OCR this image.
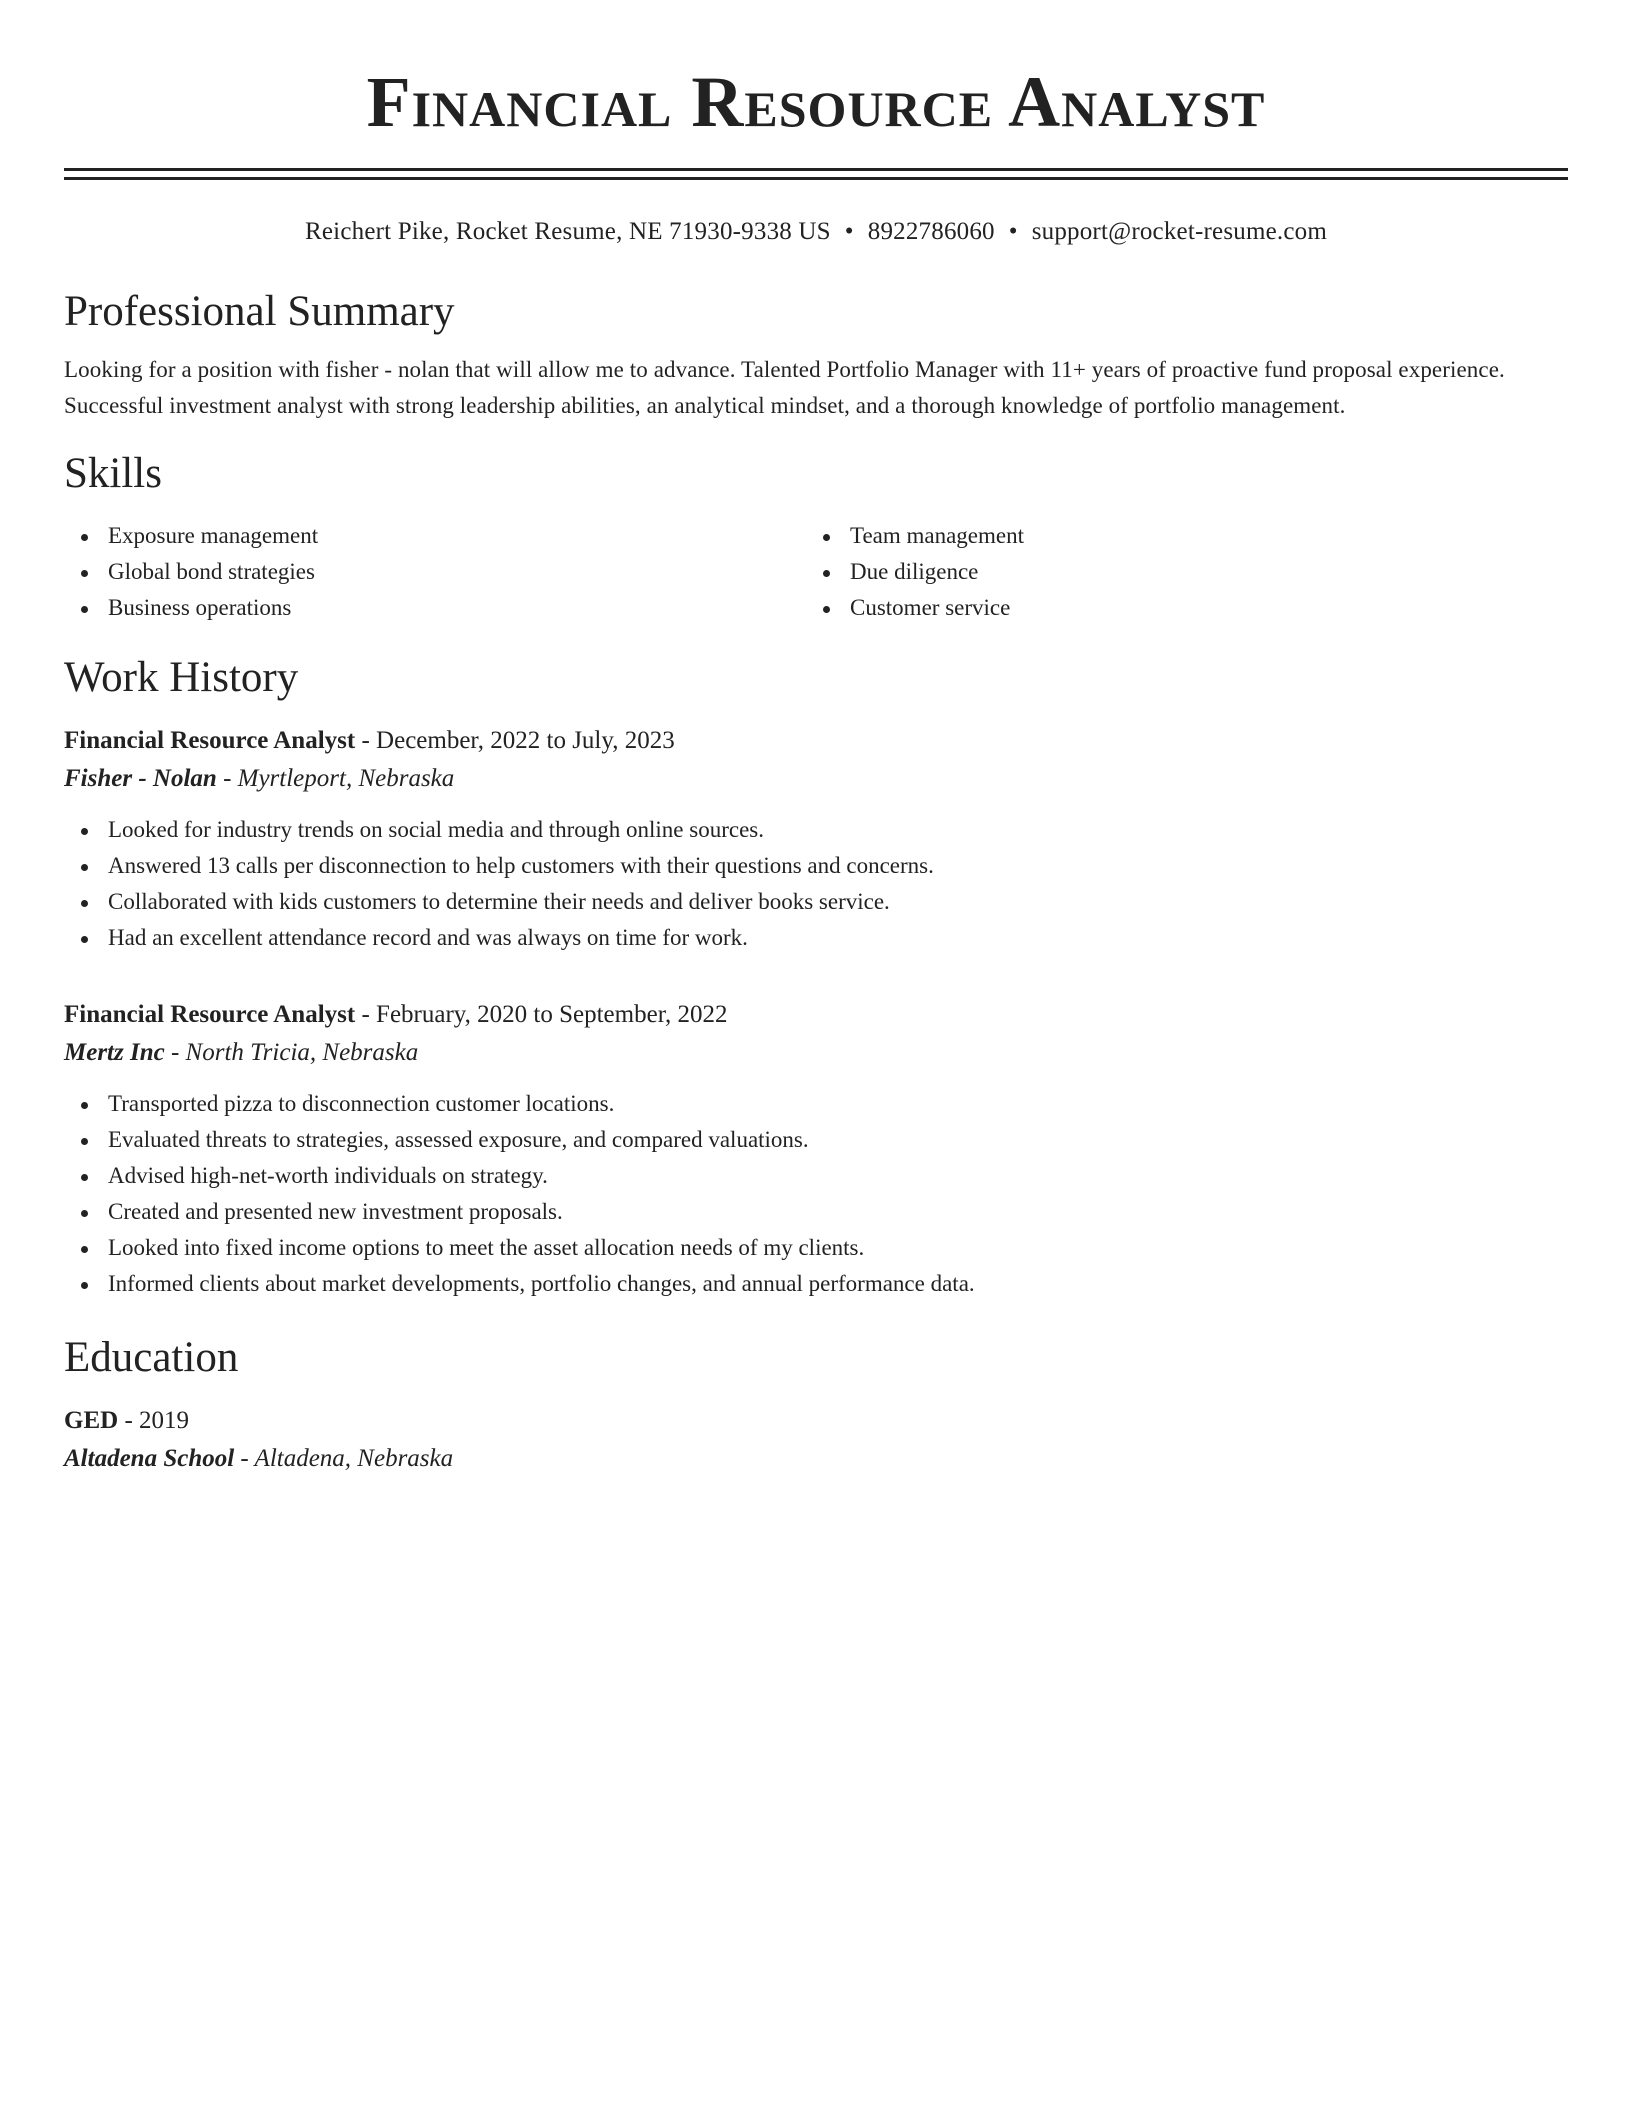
Financial Resource Analyst
Reichert Pike, Rocket Resume, NE 71930-9338 US • 8922786060 • support@rocket-resume.com
Professional Summary
Looking for a position with fisher - nolan that will allow me to advance. Talented Portfolio Manager with 11+ years of proactive fund proposal experience. Successful investment analyst with strong leadership abilities, an analytical mindset, and a thorough knowledge of portfolio management.
Skills
Exposure management
Global bond strategies
Business operations
Team management
Due diligence
Customer service
Work History
Financial Resource Analyst - December, 2022 to July, 2023
Fisher - Nolan - Myrtleport, Nebraska
Looked for industry trends on social media and through online sources.
Answered 13 calls per disconnection to help customers with their questions and concerns.
Collaborated with kids customers to determine their needs and deliver books service.
Had an excellent attendance record and was always on time for work.
Financial Resource Analyst - February, 2020 to September, 2022
Mertz Inc - North Tricia, Nebraska
Transported pizza to disconnection customer locations.
Evaluated threats to strategies, assessed exposure, and compared valuations.
Advised high-net-worth individuals on strategy.
Created and presented new investment proposals.
Looked into fixed income options to meet the asset allocation needs of my clients.
Informed clients about market developments, portfolio changes, and annual performance data.
Education
GED - 2019
Altadena School - Altadena, Nebraska
